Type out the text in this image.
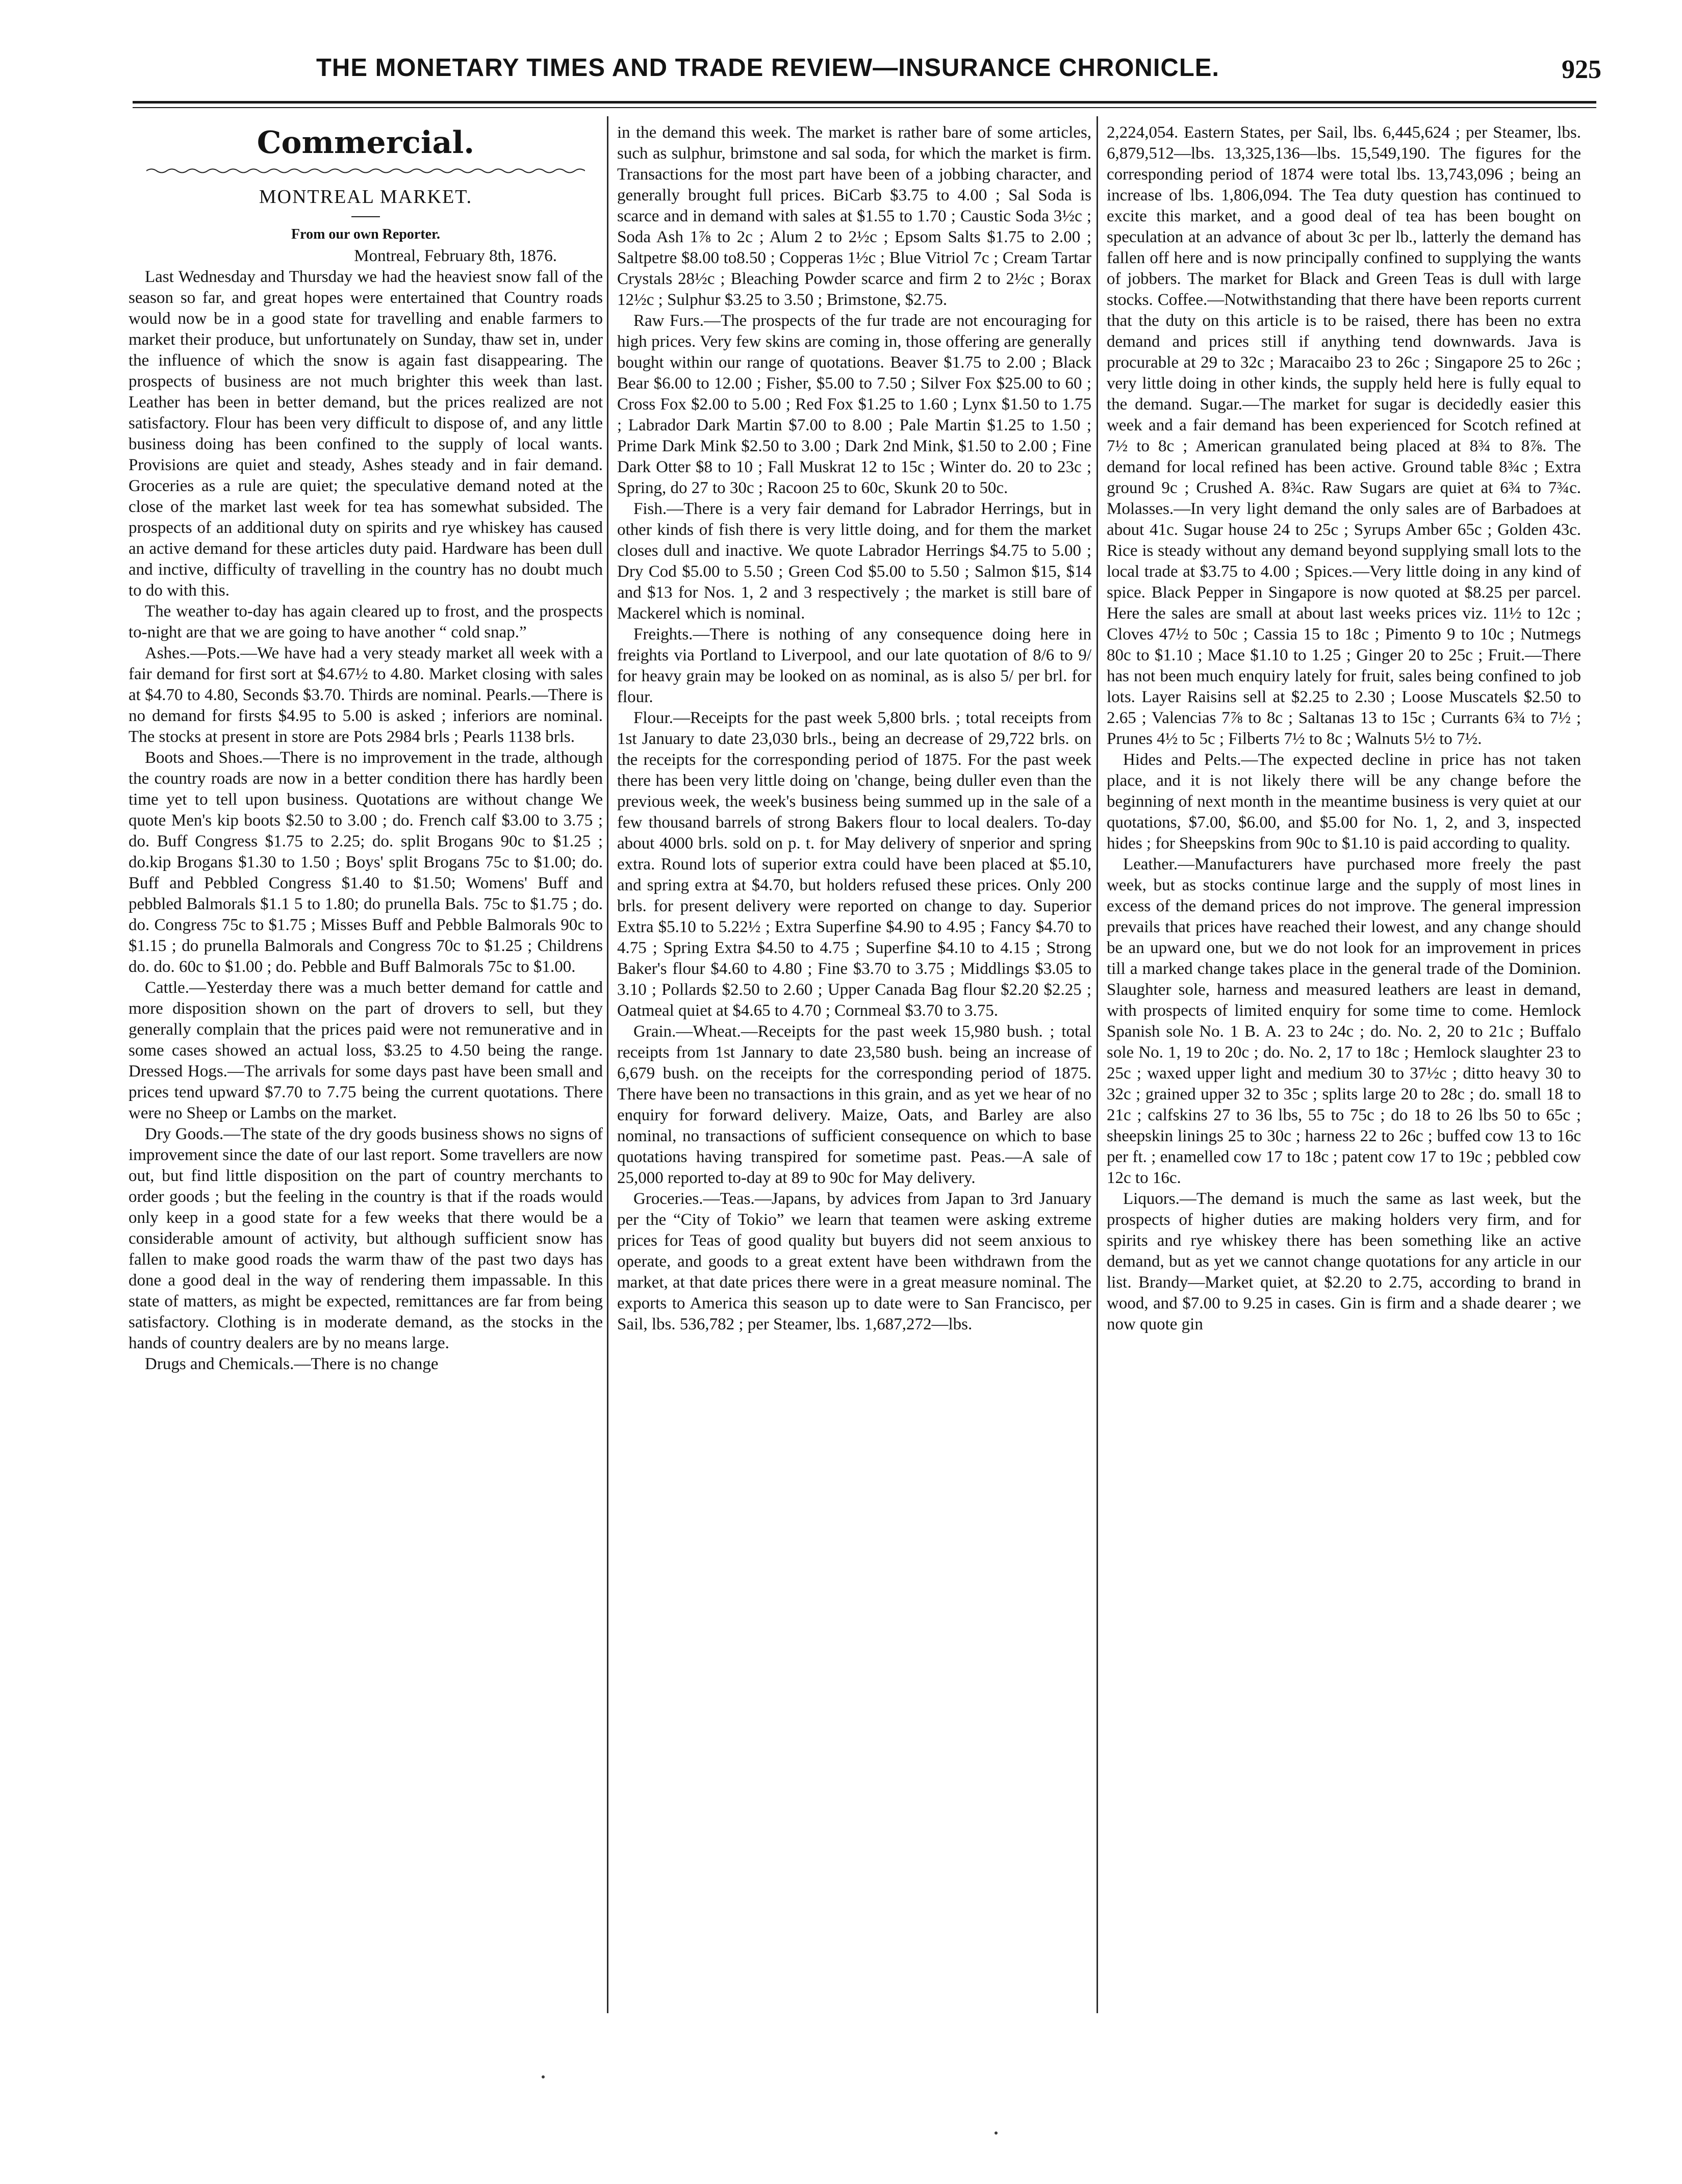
THE MONETARY TIMES AND TRADE REVIEW—INSURANCE CHRONICLE.	925
Commercial.
MONTREAL MARKET.
From our own Reporter.
Montreal, February 8th, 1876.

Last Wednesday and Thursday we had the heaviest snow fall of the season so far, and great hopes were entertained that Country roads would now be in a good state for travelling and enable farmers to market their produce, but unfortunately on Sunday, thaw set in, under the influence of which the snow is again fast disappearing. The prospects of business are not much brighter this week than last. Leather has been in better demand, but the prices realized are not satisfactory. Flour has been very difficult to dispose of, and any little business doing has been confined to the supply of local wants. Provisions are quiet and steady, Ashes steady and in fair demand. Groceries as a rule are quiet; the speculative demand noted at the close of the market last week for tea has somewhat subsided. The prospects of an additional duty on spirits and rye whiskey has caused an active demand for these articles duty paid. Hardware has been dull and inctive, difficulty of travelling in the country has no doubt much to do with this.

The weather to-day has again cleared up to frost, and the prospects to-night are that we are going to have another “ cold snap.”

Ashes.—Pots.—We have had a very steady market all week with a fair demand for first sort at $4.67½ to 4.80. Market closing with sales at $4.70 to 4.80, Seconds $3.70. Thirds are nominal. Pearls.—There is no demand for firsts $4.95 to 5.00 is asked ; inferiors are nominal. The stocks at present in store are Pots 2984 brls ; Pearls 1138 brls.

Boots and Shoes.—There is no improvement in the trade, although the country roads are now in a better condition there has hardly been time yet to tell upon business. Quotations are without change We quote Men's kip boots $2.50 to 3.00 ; do. French calf $3.00 to 3.75 ; do. Buff Congress $1.75 to 2.25; do. split Brogans 90c to $1.25 ; do.kip Brogans $1.30 to 1.50 ; Boys' split Brogans 75c to $1.00; do. Buff and Pebbled Congress $1.40 to $1.50; Womens' Buff and pebbled Balmorals $1.1 5 to 1.80; do prunella Bals. 75c to $1.75 ; do. do. Congress 75c to $1.75 ; Misses Buff and Pebble Balmorals 90c to $1.15 ; do prunella Balmorals and Congress 70c to $1.25 ; Childrens do. do. 60c to $1.00 ; do. Pebble and Buff Balmorals 75c to $1.00.

Cattle.—Yesterday there was a much better demand for cattle and more disposition shown on the part of drovers to sell, but they generally complain that the prices paid were not remunerative and in some cases showed an actual loss, $3.25 to 4.50 being the range. Dressed Hogs.—The arrivals for some days past have been small and prices tend upward $7.70 to 7.75 being the current quotations. There were no Sheep or Lambs on the market.

Dry Goods.—The state of the dry goods business shows no signs of improvement since the date of our last report. Some travellers are now out, but find little disposition on the part of country merchants to order goods ; but the feeling in the country is that if the roads would only keep in a good state for a few weeks that there would be a considerable amount of activity, but although sufficient snow has fallen to make good roads the warm thaw of the past two days has done a good deal in the way of rendering them impassable. In this state of matters, as might be expected, remittances are far from being satisfactory. Clothing is in moderate demand, as the stocks in the hands of country dealers are by no means large.

Drugs and Chemicals.—There is no change

in the demand this week. The market is rather bare of some articles, such as sulphur, brimstone and sal soda, for which the market is firm. Transactions for the most part have been of a jobbing character, and generally brought full prices. BiCarb $3.75 to 4.00 ; Sal Soda is scarce and in demand with sales at $1.55 to 1.70 ; Caustic Soda 3½c ; Soda Ash 1⅞ to 2c ; Alum 2 to 2½c ; Epsom Salts $1.75 to 2.00 ; Saltpetre $8.00 to8.50 ; Copperas 1½c ; Blue Vitriol 7c ; Cream Tartar Crystals 28½c ; Bleaching Powder scarce and firm 2 to 2½c ; Borax 12½c ; Sulphur $3.25 to 3.50 ; Brimstone, $2.75.

Raw Furs.—The prospects of the fur trade are not encouraging for high prices. Very few skins are coming in, those offering are generally bought within our range of quotations. Beaver $1.75 to 2.00 ; Black Bear $6.00 to 12.00 ; Fisher, $5.00 to 7.50 ; Silver Fox $25.00 to 60 ; Cross Fox $2.00 to 5.00 ; Red Fox $1.25 to 1.60 ; Lynx $1.50 to 1.75 ; Labrador Dark Martin $7.00 to 8.00 ; Pale Martin $1.25 to 1.50 ; Prime Dark Mink $2.50 to 3.00 ; Dark 2nd Mink, $1.50 to 2.00 ; Fine Dark Otter $8 to 10 ; Fall Muskrat 12 to 15c ; Winter do. 20 to 23c ; Spring, do 27 to 30c ; Racoon 25 to 60c, Skunk 20 to 50c.

Fish.—There is a very fair demand for Labrador Herrings, but in other kinds of fish there is very little doing, and for them the market closes dull and inactive. We quote Labrador Herrings $4.75 to 5.00 ; Dry Cod $5.00 to 5.50 ; Green Cod $5.00 to 5.50 ; Salmon $15, $14 and $13 for Nos. 1, 2 and 3 respectively ; the market is still bare of Mackerel which is nominal.

Freights.—There is nothing of any consequence doing here in freights via Portland to Liverpool, and our late quotation of 8/6 to 9/ for heavy grain may be looked on as nominal, as is also 5/ per brl. for flour.

Flour.—Receipts for the past week 5,800 brls. ; total receipts from 1st January to date 23,030 brls., being an decrease of 29,722 brls. on the receipts for the corresponding period of 1875. For the past week there has been very little doing on 'change, being duller even than the previous week, the week's business being summed up in the sale of a few thousand barrels of strong Bakers flour to local dealers. To-day about 4000 brls. sold on p. t. for May delivery of snperior and spring extra. Round lots of superior extra could have been placed at $5.10, and spring extra at $4.70, but holders refused these prices. Only 200 brls. for present delivery were reported on change to day. Superior Extra $5.10 to 5.22½ ; Extra Superfine $4.90 to 4.95 ; Fancy $4.70 to 4.75 ; Spring Extra $4.50 to 4.75 ; Superfine $4.10 to 4.15 ; Strong Baker's flour $4.60 to 4.80 ; Fine $3.70 to 3.75 ; Middlings $3.05 to 3.10 ; Pollards $2.50 to 2.60 ; Upper Canada Bag flour $2.20 $2.25 ; Oatmeal quiet at $4.65 to 4.70 ; Cornmeal $3.70 to 3.75.

Grain.—Wheat.—Receipts for the past week 15,980 bush. ; total receipts from 1st Jannary to date 23,580 bush. being an increase of 6,679 bush. on the receipts for the corresponding period of 1875. There have been no transactions in this grain, and as yet we hear of no enquiry for forward delivery. Maize, Oats, and Barley are also nominal, no transactions of sufficient consequence on which to base quotations having transpired for sometime past. Peas.—A sale of 25,000 reported to-day at 89 to 90c for May delivery.

Groceries.—Teas.—Japans, by advices from Japan to 3rd January per the “City of Tokio” we learn that teamen were asking extreme prices for Teas of good quality but buyers did not seem anxious to operate, and goods to a great extent have been withdrawn from the market, at that date prices there were in a great measure nominal. The exports to America this season up to date were to San Francisco, per Sail, lbs. 536,782 ; per Steamer, lbs. 1,687,272—lbs.

2,224,054. Eastern States, per Sail, lbs. 6,445,624 ; per Steamer, lbs. 6,879,512—lbs. 13,325,136—lbs. 15,549,190. The figures for the corresponding period of 1874 were total lbs. 13,743,096 ; being an increase of lbs. 1,806,094. The Tea duty question has continued to excite this market, and a good deal of tea has been bought on speculation at an advance of about 3c per lb., latterly the demand has fallen off here and is now principally confined to supplying the wants of jobbers. The market for Black and Green Teas is dull with large stocks. Coffee.—Notwithstanding that there have been reports current that the duty on this article is to be raised, there has been no extra demand and prices still if anything tend downwards. Java is procurable at 29 to 32c ; Maracaibo 23 to 26c ; Singapore 25 to 26c ; very little doing in other kinds, the supply held here is fully equal to the demand. Sugar.—The market for sugar is decidedly easier this week and a fair demand has been experienced for Scotch refined at 7½ to 8c ; American granulated being placed at 8¾ to 8⅞. The demand for local refined has been active. Ground table 8¾c ; Extra ground 9c ; Crushed A. 8¾c. Raw Sugars are quiet at 6¾ to 7¾c. Molasses.—In very light demand the only sales are of Barbadoes at about 41c. Sugar house 24 to 25c ; Syrups Amber 65c ; Golden 43c. Rice is steady without any demand beyond supplying small lots to the local trade at $3.75 to 4.00 ; Spices.—Very little doing in any kind of spice. Black Pepper in Singapore is now quoted at $8.25 per parcel. Here the sales are small at about last weeks prices viz. 11½ to 12c ; Cloves 47½ to 50c ; Cassia 15 to 18c ; Pimento 9 to 10c ; Nutmegs 80c to $1.10 ; Mace $1.10 to 1.25 ; Ginger 20 to 25c ; Fruit.—There has not been much enquiry lately for fruit, sales being confined to job lots. Layer Raisins sell at $2.25 to 2.30 ; Loose Muscatels $2.50 to 2.65 ; Valencias 7⅞ to 8c ; Saltanas 13 to 15c ; Currants 6¾ to 7½ ; Prunes 4½ to 5c ; Filberts 7½ to 8c ; Walnuts 5½ to 7½.

Hides and Pelts.—The expected decline in price has not taken place, and it is not likely there will be any change before the beginning of next month in the meantime business is very quiet at our quotations, $7.00, $6.00, and $5.00 for No. 1, 2, and 3, inspected hides ; for Sheepskins from 90c to $1.10 is paid according to quality.

Leather.—Manufacturers have purchased more freely the past week, but as stocks continue large and the supply of most lines in excess of the demand prices do not improve. The general impression prevails that prices have reached their lowest, and any change should be an upward one, but we do not look for an improvement in prices till a marked change takes place in the general trade of the Dominion. Slaughter sole, harness and measured leathers are least in demand, with prospects of limited enquiry for some time to come. Hemlock Spanish sole No. 1 B. A. 23 to 24c ; do. No. 2, 20 to 21c ; Buffalo sole No. 1, 19 to 20c ; do. No. 2, 17 to 18c ; Hemlock slaughter 23 to 25c ; waxed upper light and medium 30 to 37½c ; ditto heavy 30 to 32c ; grained upper 32 to 35c ; splits large 20 to 28c ; do. small 18 to 21c ; calfskins 27 to 36 lbs, 55 to 75c ; do 18 to 26 lbs 50 to 65c ; sheepskin linings 25 to 30c ; harness 22 to 26c ; buffed cow 13 to 16c per ft. ; enamelled cow 17 to 18c ; patent cow 17 to 19c ; pebbled cow 12c to 16c.

Liquors.—The demand is much the same as last week, but the prospects of higher duties are making holders very firm, and for spirits and rye whiskey there has been something like an active demand, but as yet we cannot change quotations for any article in our list. Brandy—Market quiet, at $2.20 to 2.75, according to brand in wood, and $7.00 to 9.25 in cases. Gin is firm and a shade dearer ; we now quote gin
